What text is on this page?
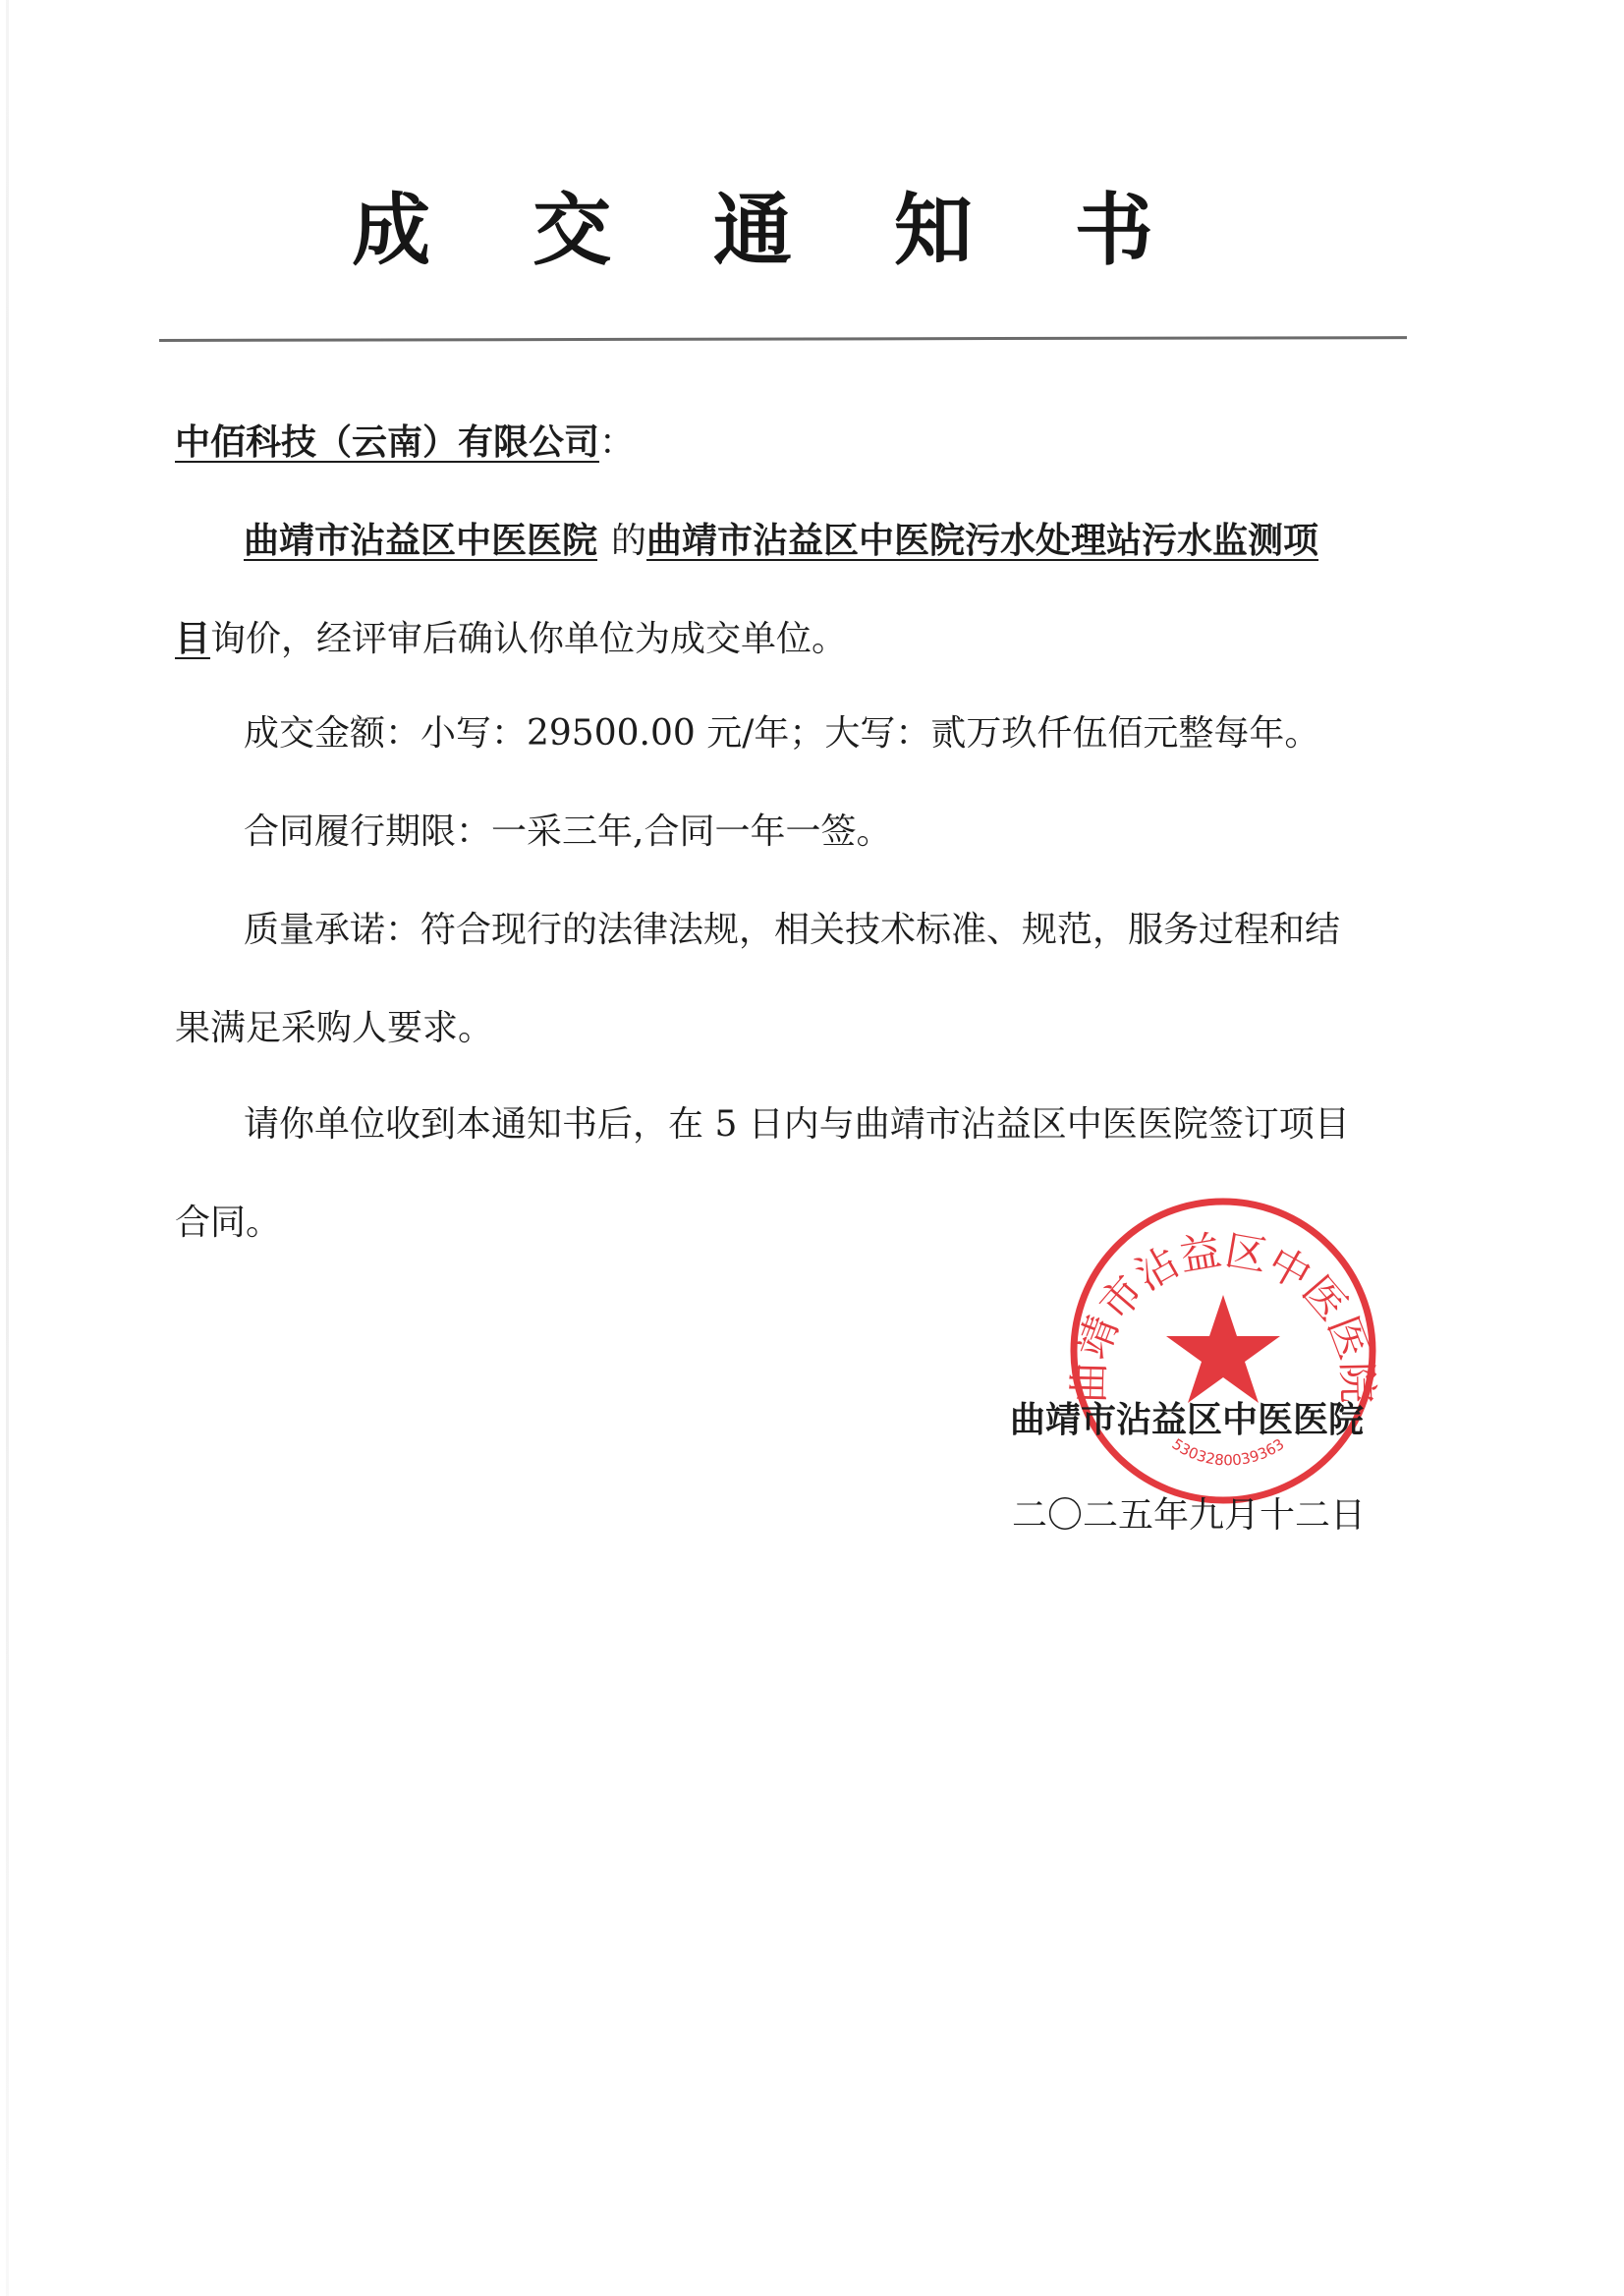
成 交 通 知 书
中佰科技（云南）有限公司：
曲靖市沾益区中医医院 的曲靖市沾益区中医院污水处理站污水监测项
目询价，经评审后确认你单位为成交单位。
成交金额：小写：29500.00 元/年；大写：贰万玖仟伍佰元整每年。
合同履行期限：一采三年,合同一年一签。
质量承诺：符合现行的法律法规，相关技术标准、规范，服务过程和结
果满足采购人要求。
请你单位收到本通知书后，在 5 日内与曲靖市沾益区中医医院签订项目
合同。
曲靖市沾益区中医医院
5303280039363
曲靖市沾益区中医医院
二〇二五年九月十二日
